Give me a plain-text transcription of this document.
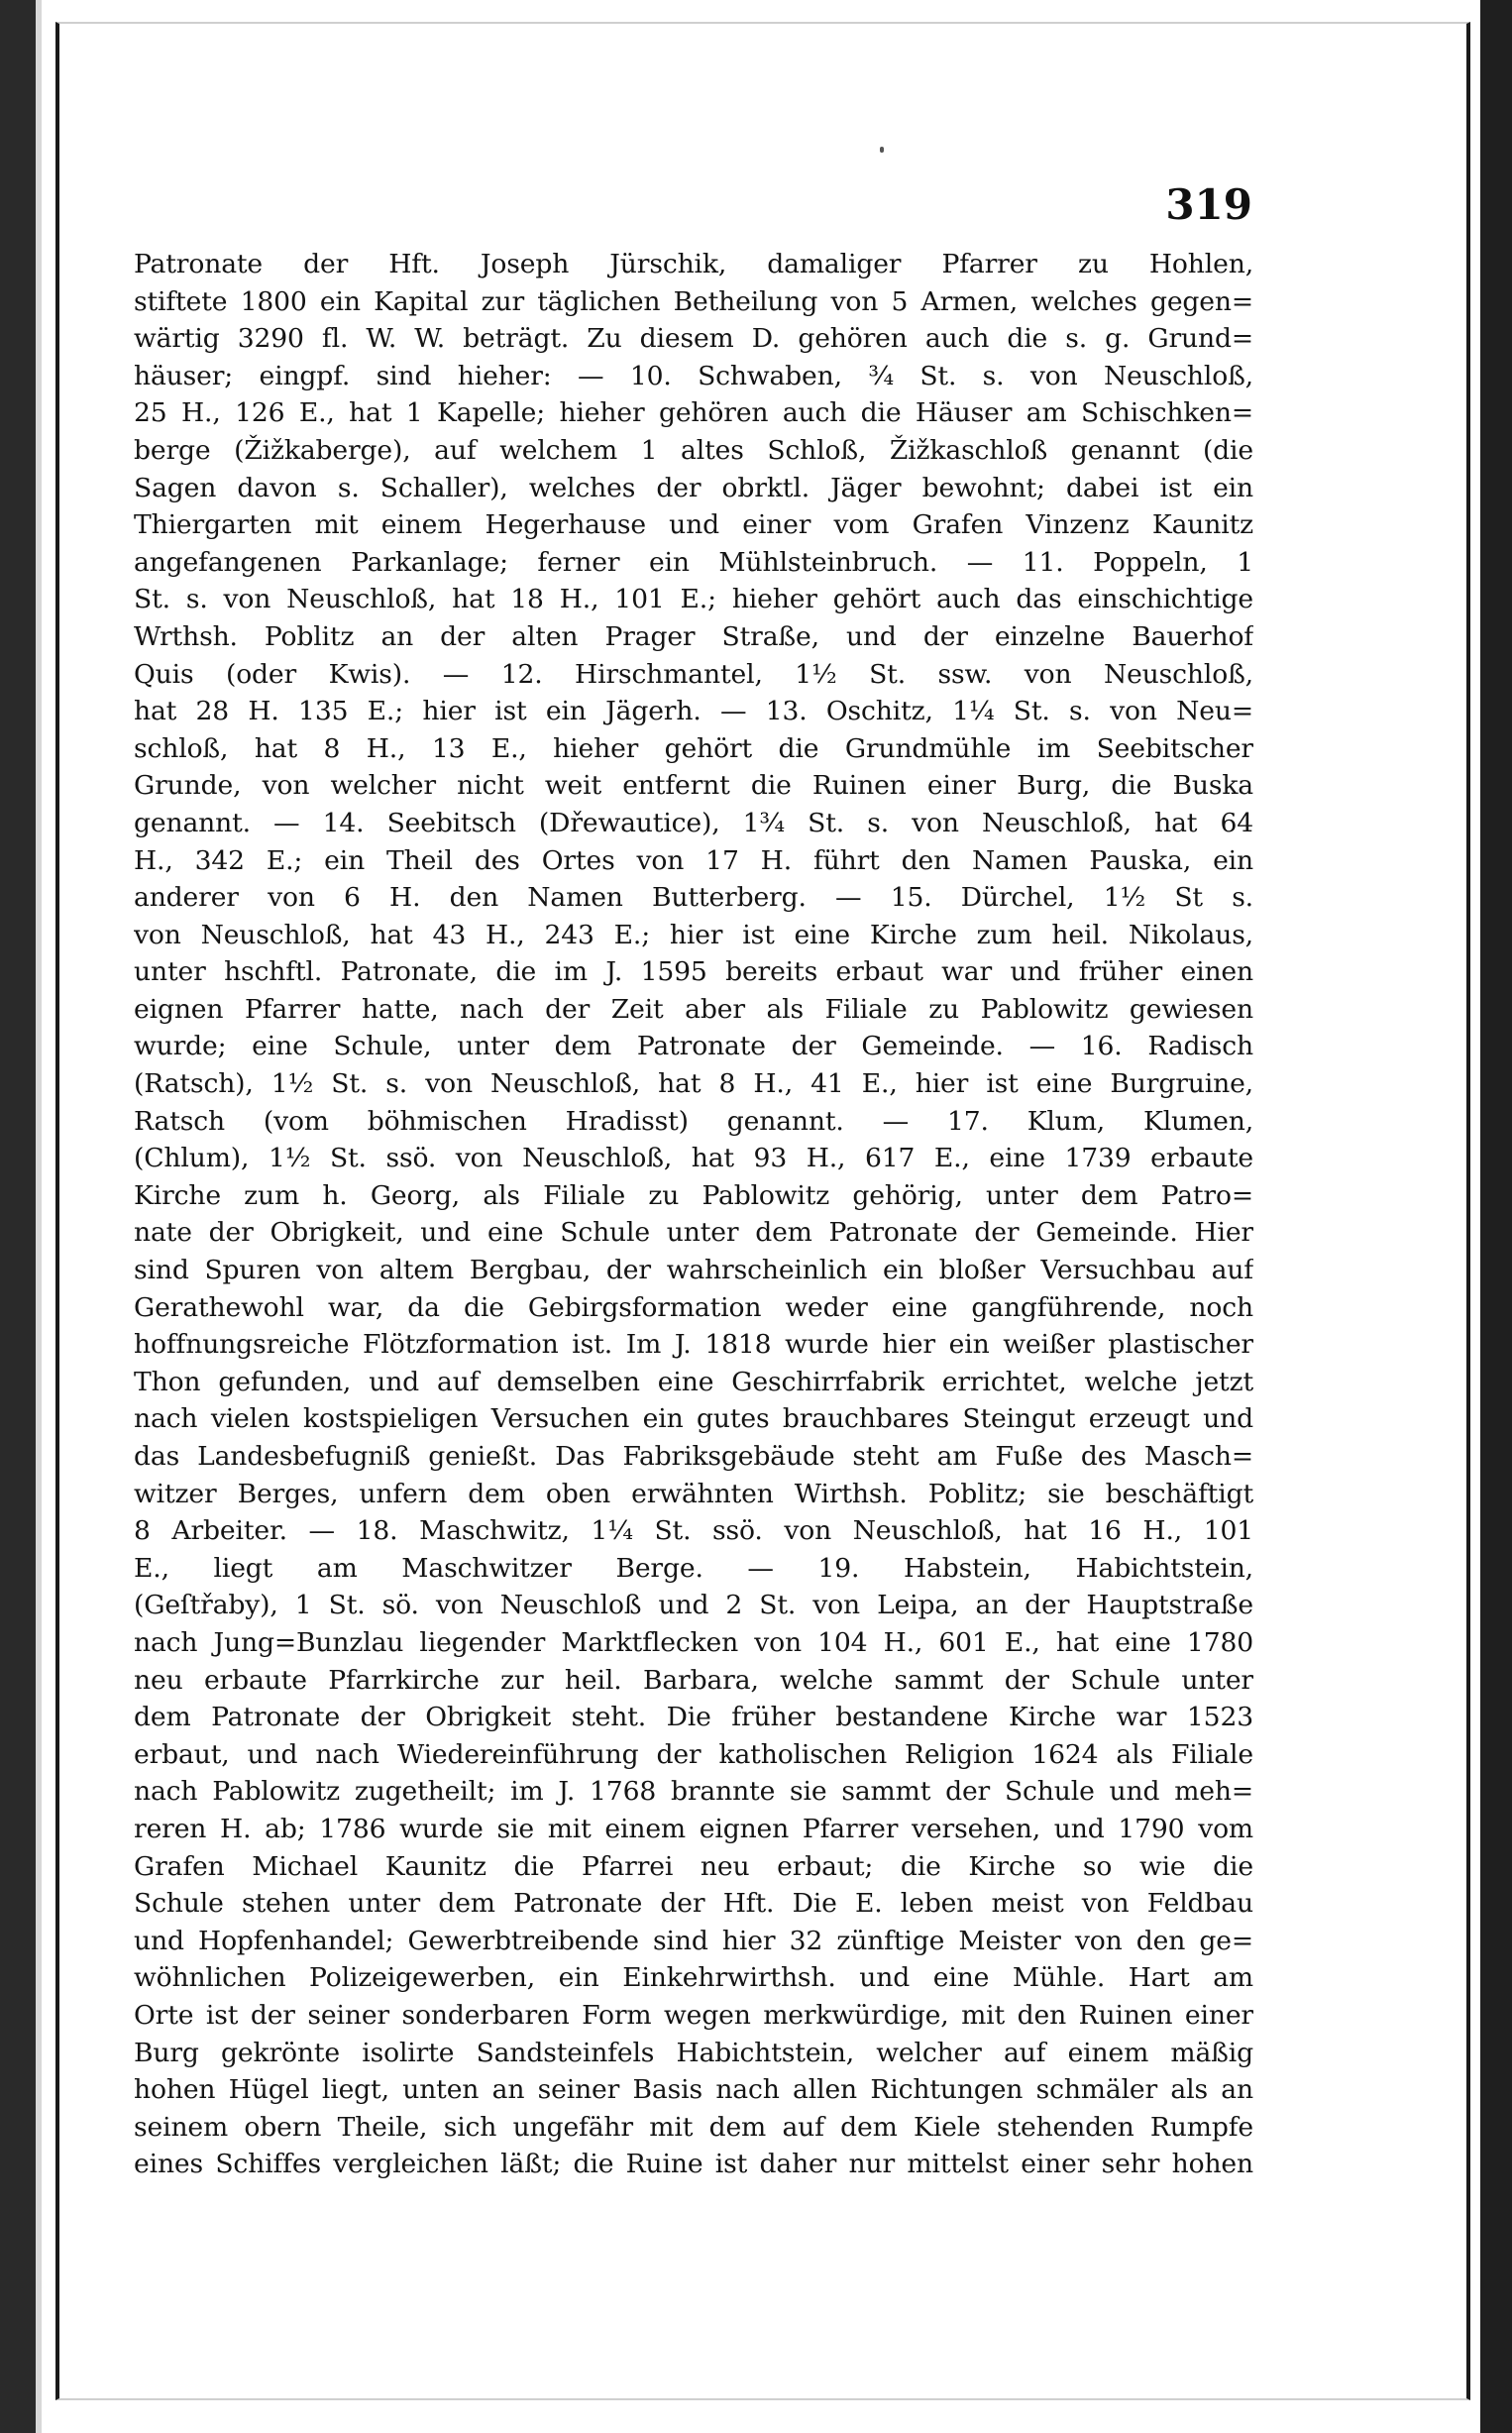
319
Patronate der Hft. Joseph Jürschik, damaliger Pfarrer zu Hohlen,
stiftete 1800 ein Kapital zur täglichen Betheilung von 5 Armen, welches gegen=
wärtig 3290 fl. W. W. beträgt. Zu diesem D. gehören auch die s. g. Grund=
häuser; eingpf. sind hieher: — 10. Schwaben, ¾ St. s. von Neuschloß,
25 H., 126 E., hat 1 Kapelle; hieher gehören auch die Häuser am Schischken=
berge (Žižkaberge), auf welchem 1 altes Schloß, Žižkaschloß genannt (die
Sagen davon s. Schaller), welches der obrktl. Jäger bewohnt; dabei ist ein
Thiergarten mit einem Hegerhause und einer vom Grafen Vinzenz Kaunitz
angefangenen Parkanlage; ferner ein Mühlsteinbruch. — 11. Poppeln, 1
St. s. von Neuschloß, hat 18 H., 101 E.; hieher gehört auch das einschichtige
Wrthsh. Poblitz an der alten Prager Straße, und der einzelne Bauerhof
Quis (oder Kwis). — 12. Hirschmantel, 1½ St. ssw. von Neuschloß,
hat 28 H. 135 E.; hier ist ein Jägerh. — 13. Oschitz, 1¼ St. s. von Neu=
schloß, hat 8 H., 13 E., hieher gehört die Grundmühle im Seebitscher
Grunde, von welcher nicht weit entfernt die Ruinen einer Burg, die Buska
genannt. — 14. Seebitsch (Dřewautice), 1¾ St. s. von Neuschloß, hat 64
H., 342 E.; ein Theil des Ortes von 17 H. führt den Namen Pauska, ein
anderer von 6 H. den Namen Butterberg. — 15. Dürchel, 1½ St s.
von Neuschloß, hat 43 H., 243 E.; hier ist eine Kirche zum heil. Nikolaus,
unter hschftl. Patronate, die im J. 1595 bereits erbaut war und früher einen
eignen Pfarrer hatte, nach der Zeit aber als Filiale zu Pablowitz gewiesen
wurde; eine Schule, unter dem Patronate der Gemeinde. — 16. Radisch
(Ratsch), 1½ St. s. von Neuschloß, hat 8 H., 41 E., hier ist eine Burgruine,
Ratsch (vom böhmischen Hradisst) genannt. — 17. Klum, Klumen,
(Chlum), 1½ St. ssö. von Neuschloß, hat 93 H., 617 E., eine 1739 erbaute
Kirche zum h. Georg, als Filiale zu Pablowitz gehörig, unter dem Patro=
nate der Obrigkeit, und eine Schule unter dem Patronate der Gemeinde. Hier
sind Spuren von altem Bergbau, der wahrscheinlich ein bloßer Versuchbau auf
Gerathewohl war, da die Gebirgsformation weder eine gangführende, noch
hoffnungsreiche Flötzformation ist. Im J. 1818 wurde hier ein weißer plastischer
Thon gefunden, und auf demselben eine Geschirrfabrik errichtet, welche jetzt
nach vielen kostspieligen Versuchen ein gutes brauchbares Steingut erzeugt und
das Landesbefugniß genießt. Das Fabriksgebäude steht am Fuße des Masch=
witzer Berges, unfern dem oben erwähnten Wirthsh. Poblitz; sie beschäftigt
8 Arbeiter. — 18. Maschwitz, 1¼ St. ssö. von Neuschloß, hat 16 H., 101
E., liegt am Maschwitzer Berge. — 19. Habstein, Habichtstein,
(Geſtřaby), 1 St. sö. von Neuschloß und 2 St. von Leipa, an der Hauptstraße
nach Jung=Bunzlau liegender Marktflecken von 104 H., 601 E., hat eine 1780
neu erbaute Pfarrkirche zur heil. Barbara, welche sammt der Schule unter
dem Patronate der Obrigkeit steht. Die früher bestandene Kirche war 1523
erbaut, und nach Wiedereinführung der katholischen Religion 1624 als Filiale
nach Pablowitz zugetheilt; im J. 1768 brannte sie sammt der Schule und meh=
reren H. ab; 1786 wurde sie mit einem eignen Pfarrer versehen, und 1790 vom
Grafen Michael Kaunitz die Pfarrei neu erbaut; die Kirche so wie die
Schule stehen unter dem Patronate der Hft. Die E. leben meist von Feldbau
und Hopfenhandel; Gewerbtreibende sind hier 32 zünftige Meister von den ge=
wöhnlichen Polizeigewerben, ein Einkehrwirthsh. und eine Mühle. Hart am
Orte ist der seiner sonderbaren Form wegen merkwürdige, mit den Ruinen einer
Burg gekrönte isolirte Sandsteinfels Habichtstein, welcher auf einem mäßig
hohen Hügel liegt, unten an seiner Basis nach allen Richtungen schmäler als an
seinem obern Theile, sich ungefähr mit dem auf dem Kiele stehenden Rumpfe
eines Schiffes vergleichen läßt; die Ruine ist daher nur mittelst einer sehr hohen
